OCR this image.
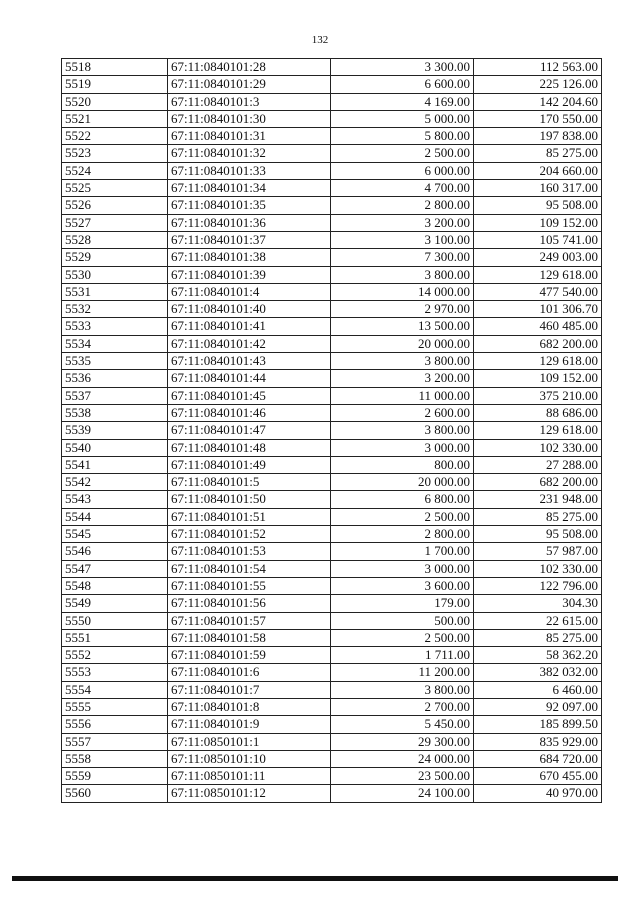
132
5518	67:11:0840101:28	3 300.00	112 563.00
5519	67:11:0840101:29	6 600.00	225 126.00
5520	67:11:0840101:3	4 169.00	142 204.60
5521	67:11:0840101:30	5 000.00	170 550.00
5522	67:11:0840101:31	5 800.00	197 838.00
5523	67:11:0840101:32	2 500.00	85 275.00
5524	67:11:0840101:33	6 000.00	204 660.00
5525	67:11:0840101:34	4 700.00	160 317.00
5526	67:11:0840101:35	2 800.00	95 508.00
5527	67:11:0840101:36	3 200.00	109 152.00
5528	67:11:0840101:37	3 100.00	105 741.00
5529	67:11:0840101:38	7 300.00	249 003.00
5530	67:11:0840101:39	3 800.00	129 618.00
5531	67:11:0840101:4	14 000.00	477 540.00
5532	67:11:0840101:40	2 970.00	101 306.70
5533	67:11:0840101:41	13 500.00	460 485.00
5534	67:11:0840101:42	20 000.00	682 200.00
5535	67:11:0840101:43	3 800.00	129 618.00
5536	67:11:0840101:44	3 200.00	109 152.00
5537	67:11:0840101:45	11 000.00	375 210.00
5538	67:11:0840101:46	2 600.00	88 686.00
5539	67:11:0840101:47	3 800.00	129 618.00
5540	67:11:0840101:48	3 000.00	102 330.00
5541	67:11:0840101:49	800.00	27 288.00
5542	67:11:0840101:5	20 000.00	682 200.00
5543	67:11:0840101:50	6 800.00	231 948.00
5544	67:11:0840101:51	2 500.00	85 275.00
5545	67:11:0840101:52	2 800.00	95 508.00
5546	67:11:0840101:53	1 700.00	57 987.00
5547	67:11:0840101:54	3 000.00	102 330.00
5548	67:11:0840101:55	3 600.00	122 796.00
5549	67:11:0840101:56	179.00	304.30
5550	67:11:0840101:57	500.00	22 615.00
5551	67:11:0840101:58	2 500.00	85 275.00
5552	67:11:0840101:59	1 711.00	58 362.20
5553	67:11:0840101:6	11 200.00	382 032.00
5554	67:11:0840101:7	3 800.00	6 460.00
5555	67:11:0840101:8	2 700.00	92 097.00
5556	67:11:0840101:9	5 450.00	185 899.50
5557	67:11:0850101:1	29 300.00	835 929.00
5558	67:11:0850101:10	24 000.00	684 720.00
5559	67:11:0850101:11	23 500.00	670 455.00
5560	67:11:0850101:12	24 100.00	40 970.00
